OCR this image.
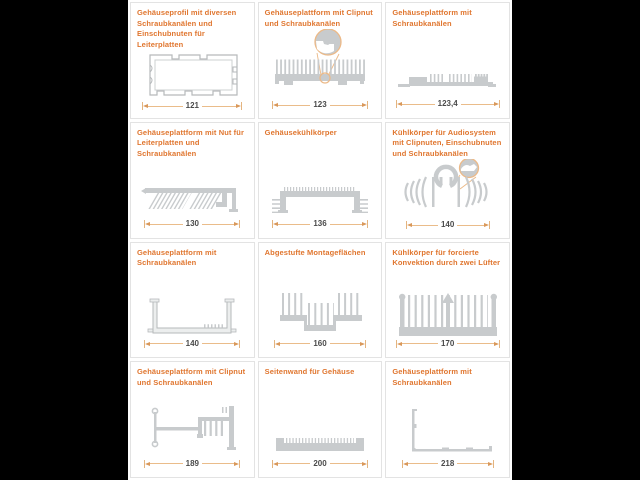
Gehäuseprofil mit diversen Schraubkanälen und Einschubnuten für Leiterplatten
121
Gehäuseplattform mit Clipnut und Schraubkanälen
123
Gehäuseplattform mit Schraubkanälen
123,4
Gehäuseplattform mit Nut für Leiterplatten und Schraubkanälen
130
Gehäusekühlkörper
136
Kühlkörper für Audiosystem mit Clipnuten, Einschubnuten und Schraubkanälen
140
Gehäuseplattform mit Schraubkanälen
140
Abgestufte Montageflächen
160
Kühlkörper für forcierte Konvektion durch zwei Lüfter
170
Gehäuseplattform mit Clipnut und Schraubkanälen
189
Seitenwand für Gehäuse
200
Gehäuseplattform mit Schraubkanälen
218
